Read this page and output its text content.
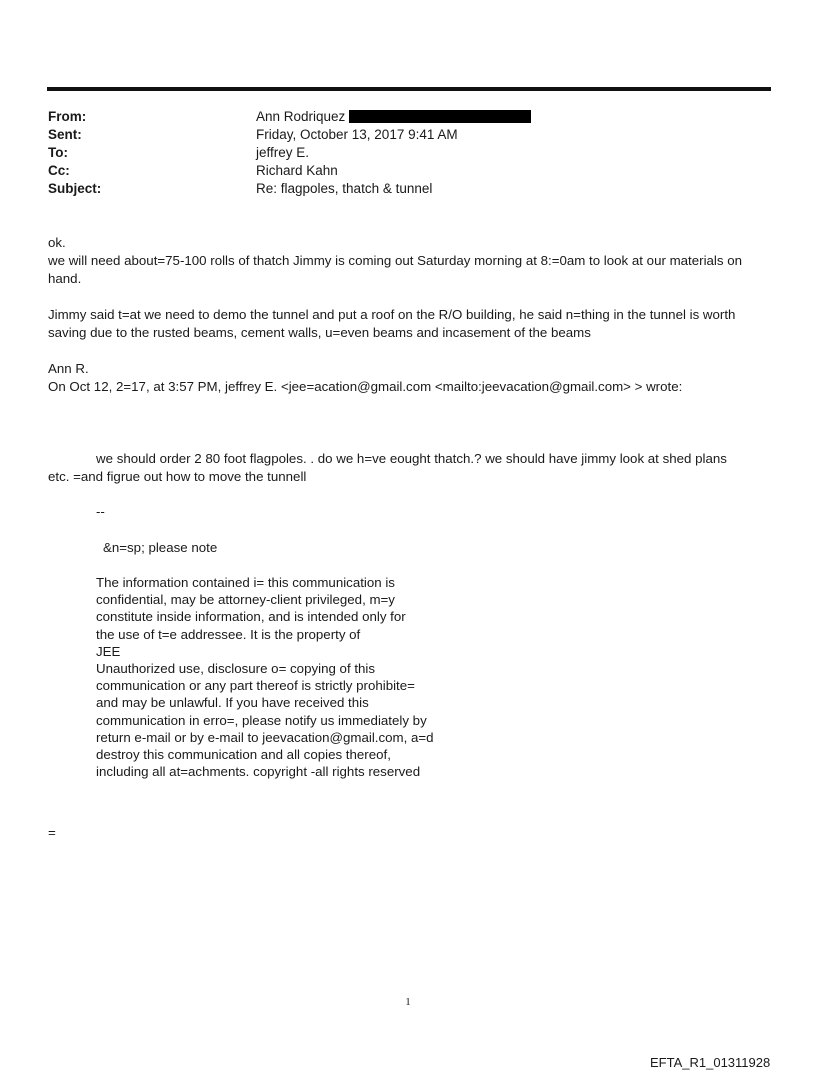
From:	Ann Rodriquez
Sent:	Friday, October 13, 2017 9:41 AM
To:	jeffrey E.
Cc:	Richard Kahn
Subject:	Re: flagpoles, thatch & tunnel
ok.
we will need about=75-100 rolls of thatch Jimmy is coming out Saturday morning at 8:=0am to look at our materials on
hand.
Jimmy said t=at we need to demo the tunnel and put a roof on the R/O building, he said n=thing in the tunnel is worth
saving due to the rusted beams, cement walls, u=even beams and incasement of the beams
Ann R.
On Oct 12, 2=17, at 3:57 PM, jeffrey E. <jee=acation@gmail.com <mailto:jeevacation@gmail.com> > wrote:
we should order 2 80 foot flagpoles. . do we h=ve eought thatch.? we should have jimmy look at shed plans
etc. =and figrue out how to move the tunnell
--
&n=sp; please note
The information contained i= this communication is
confidential, may be attorney-client privileged, m=y
constitute inside information, and is intended only for
the use of t=e addressee. It is the property of
JEE
Unauthorized use, disclosure o= copying of this
communication or any part thereof is strictly prohibite=
and may be unlawful. If you have received this
communication in erro=, please notify us immediately by
return e-mail or by e-mail to jeevacation@gmail.com, a=d
destroy this communication and all copies thereof,
including all at=achments. copyright -all rights reserved
=
1
EFTA_R1_01311928
